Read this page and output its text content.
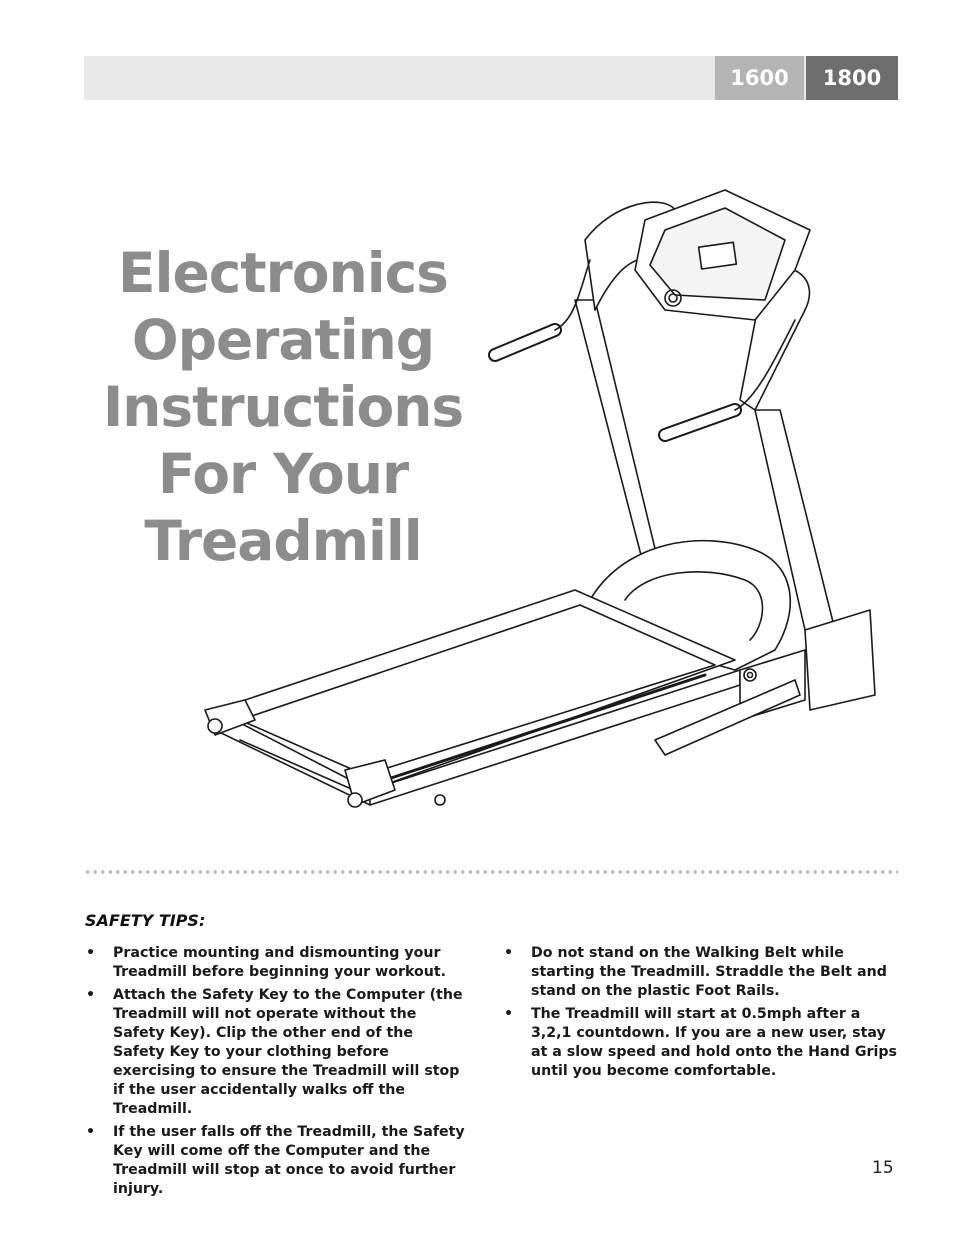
1600	1800
Electronics
Operating
Instructions
For Your
Treadmill
SAFETY TIPS:
• Practice mounting and dismounting your Treadmill before beginning your workout.
• Attach the Safety Key to the Computer (the Treadmill will not operate without the Safety Key). Clip the other end of the Safety Key to your clothing before exercising to ensure the Treadmill will stop if the user accidentally walks off the Treadmill.
• If the user falls off the Treadmill, the Safety Key will come off the Computer and the Treadmill will stop at once to avoid further injury.
• Do not stand on the Walking Belt while starting the Treadmill. Straddle the Belt and stand on the plastic Foot Rails.
• The Treadmill will start at 0.5mph after a 3,2,1 countdown. If you are a new user, stay at a slow speed and hold onto the Hand Grips until you become comfortable.
15
